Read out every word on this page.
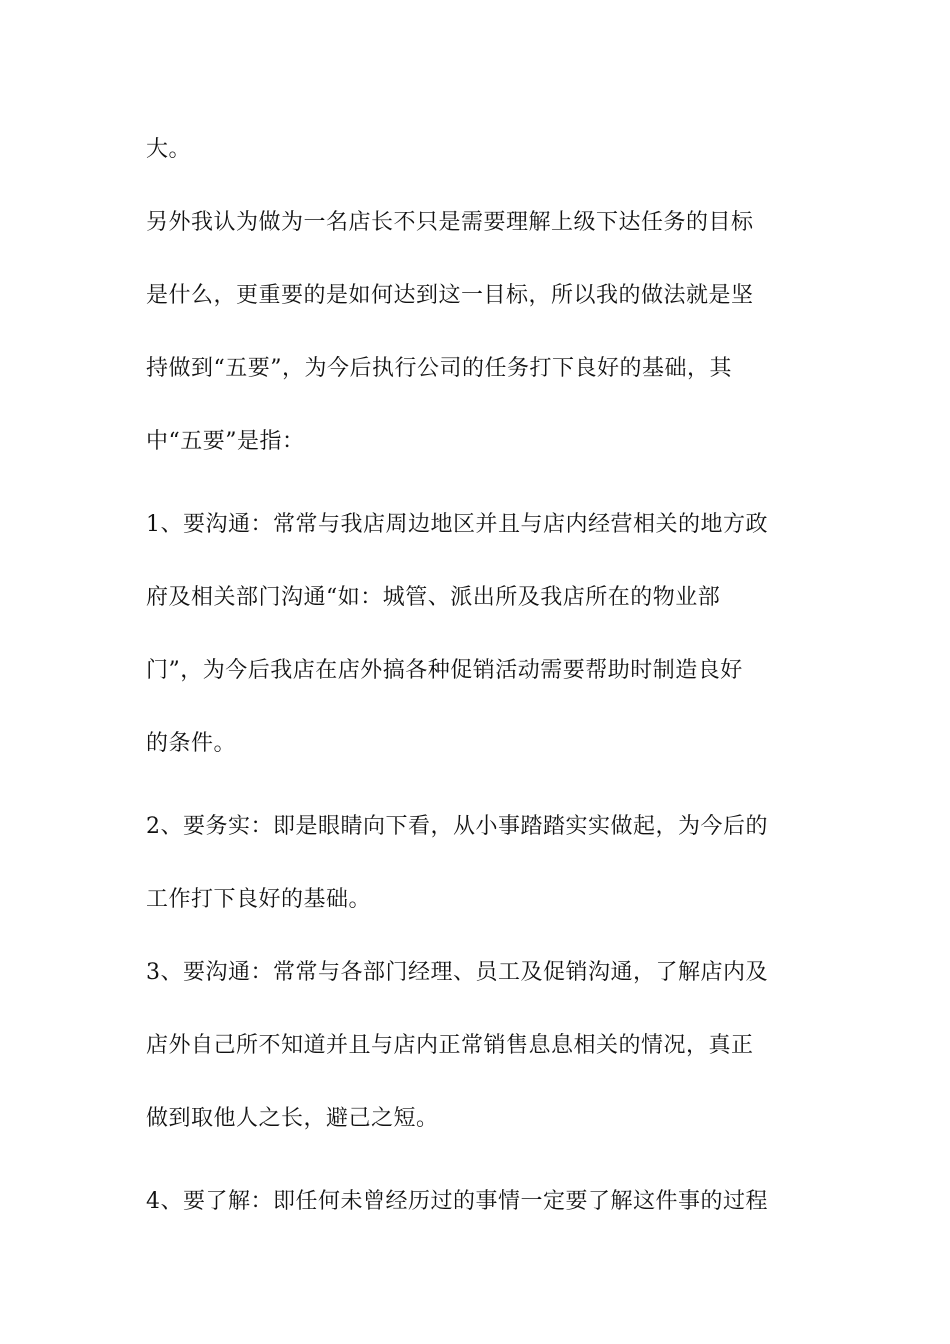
大。
另外我认为做为一名店长不只是需要理解上级下达任务的目标
是什么，更重要的是如何达到这一目标，所以我的做法就是坚
持做到“五要”，为今后执行公司的任务打下良好的基础，其
中“五要”是指：
1、要沟通：常常与我店周边地区并且与店内经营相关的地方政
府及相关部门沟通“如：城管、派出所及我店所在的物业部
门”，为今后我店在店外搞各种促销活动需要帮助时制造良好
的条件。
2、要务实：即是眼睛向下看，从小事踏踏实实做起，为今后的
工作打下良好的基础。
3、要沟通：常常与各部门经理、员工及促销沟通，了解店内及
店外自己所不知道并且与店内正常销售息息相关的情况，真正
做到取他人之长，避己之短。
4、要了解：即任何未曾经历过的事情一定要了解这件事的过程
